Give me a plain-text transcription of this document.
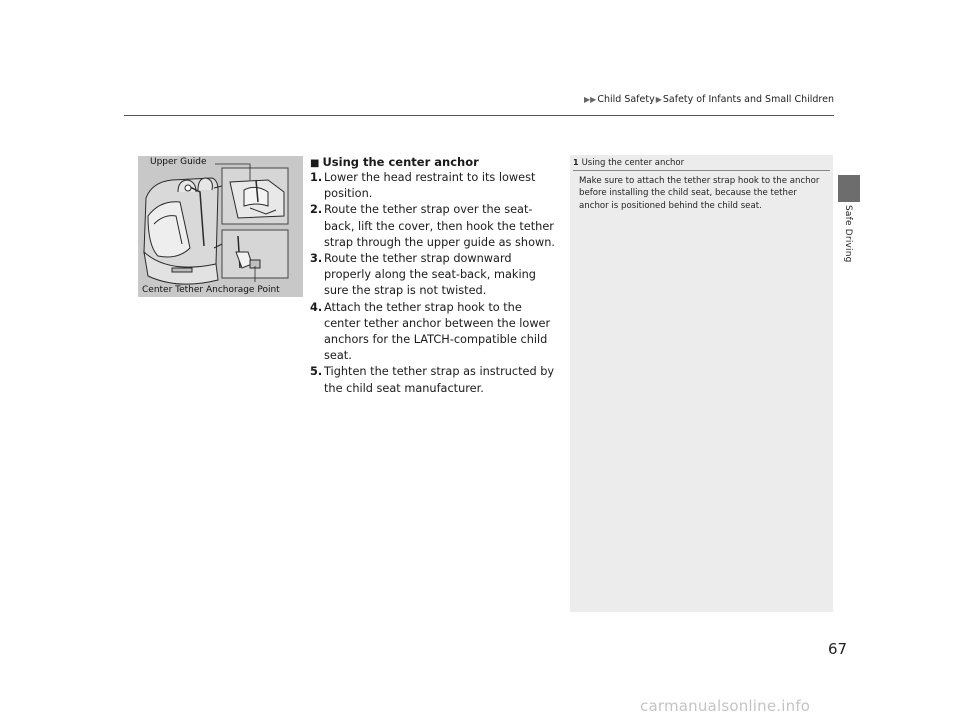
▶▶Child Safety▶Safety of Infants and Small Children
Safe Driving
Upper Guide
Center Tether Anchorage Point
■ Using the center anchor
1. Lower the head restraint to its lowest position.
2. Route the tether strap over the seat-back, lift the cover, then hook the tether strap through the upper guide as shown.
3. Route the tether strap downward properly along the seat-back, making sure the strap is not twisted.
4. Attach the tether strap hook to the center tether anchor between the lower anchors for the LATCH-compatible child seat.
5. Tighten the tether strap as instructed by the child seat manufacturer.
1 Using the center anchor
Make sure to attach the tether strap hook to the anchor before installing the child seat, because the tether anchor is positioned behind the child seat.
67
carmanualsonline.info
